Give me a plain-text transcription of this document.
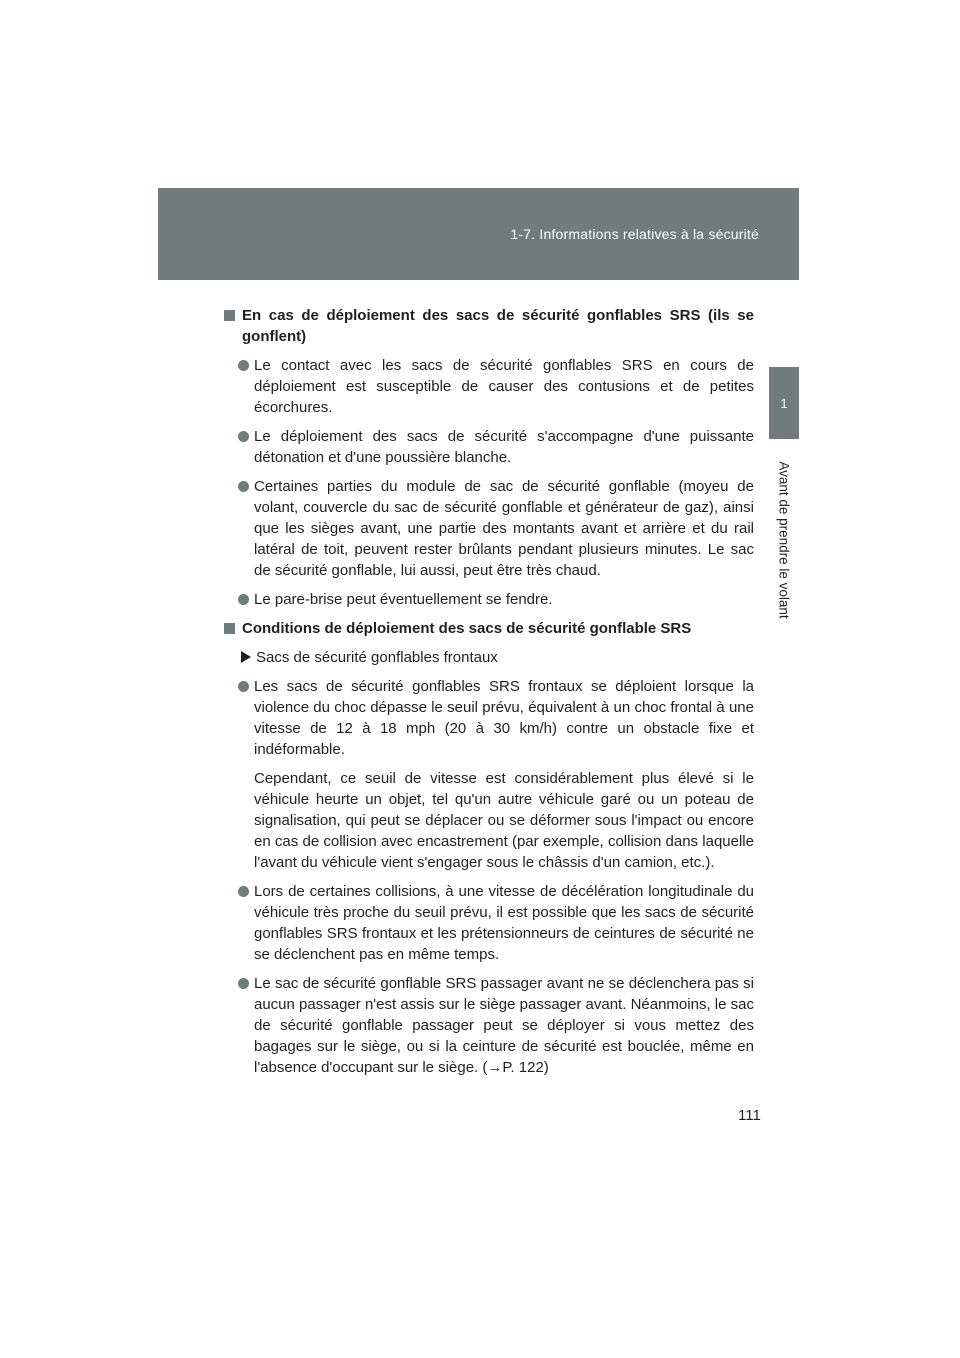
1-7. Informations relatives à la sécurité
1
Avant de prendre le volant
En cas de déploiement des sacs de sécurité gonflables SRS (ils se gonflent)
Le contact avec les sacs de sécurité gonflables SRS en cours de déploiement est susceptible de causer des contusions et de petites écorchures.
Le déploiement des sacs de sécurité s'accompagne d'une puissante détonation et d'une poussière blanche.
Certaines parties du module de sac de sécurité gonflable (moyeu de volant, couvercle du sac de sécurité gonflable et générateur de gaz), ainsi que les sièges avant, une partie des montants avant et arrière et du rail latéral de toit, peuvent rester brûlants pendant plusieurs minutes. Le sac de sécurité gonflable, lui aussi, peut être très chaud.
Le pare-brise peut éventuellement se fendre.
Conditions de déploiement des sacs de sécurité gonflable SRS
Sacs de sécurité gonflables frontaux
Les sacs de sécurité gonflables SRS frontaux se déploient lorsque la violence du choc dépasse le seuil prévu, équivalent à un choc frontal à une vitesse de 12 à 18 mph (20 à 30 km/h) contre un obstacle fixe et indéformable.
Cependant, ce seuil de vitesse est considérablement plus élevé si le véhicule heurte un objet, tel qu'un autre véhicule garé ou un poteau de signalisation, qui peut se déplacer ou se déformer sous l'impact ou encore en cas de collision avec encastrement (par exemple, collision dans laquelle l'avant du véhicule vient s'engager sous le châssis d'un camion, etc.).
Lors de certaines collisions, à une vitesse de décélération longitudinale du véhicule très proche du seuil prévu, il est possible que les sacs de sécurité gonflables SRS frontaux et les prétensionneurs de ceintures de sécurité ne se déclenchent pas en même temps.
Le sac de sécurité gonflable SRS passager avant ne se déclenchera pas si aucun passager n'est assis sur le siège passager avant. Néanmoins, le sac de sécurité gonflable passager peut se déployer si vous mettez des bagages sur le siège, ou si la ceinture de sécurité est bouclée, même en l'absence d'occupant sur le siège. (→P. 122)
111
